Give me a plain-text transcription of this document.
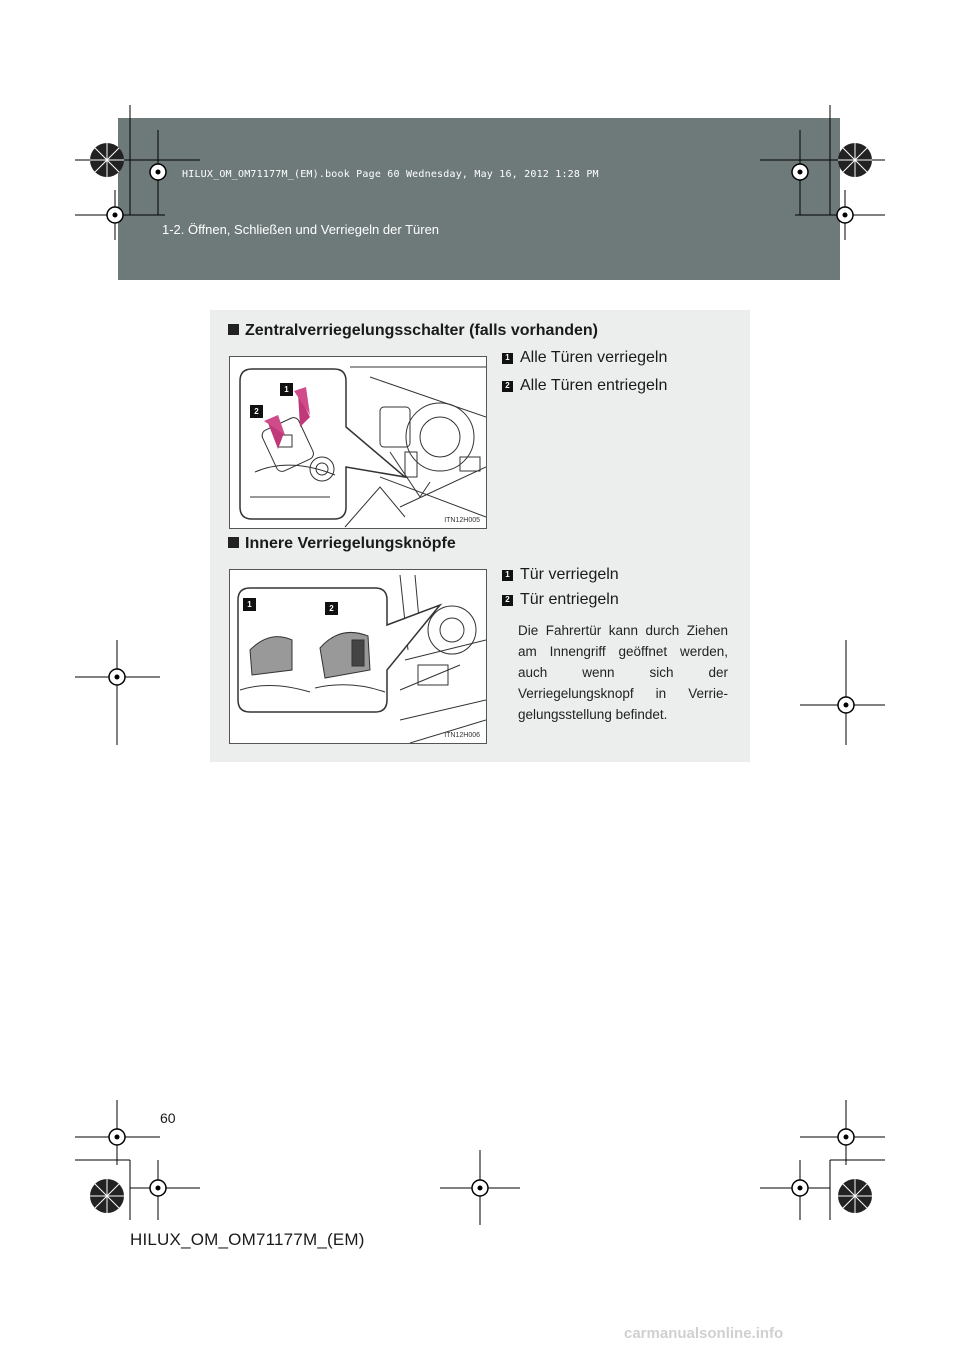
HILUX_OM_OM71177M_(EM).book Page 60 Wednesday, May 16, 2012 1:28 PM
1-2. Öffnen, Schließen und Verriegeln der Türen
Zentralverriegelungsschalter (falls vorhanden)
1 Alle Türen verriegeln
2 Alle Türen entriegeln
1
2
ITN12H005
Innere Verriegelungsknöpfe
1 Tür verriegeln
2 Tür entriegeln
Die Fahrertür kann durch Ziehen am Innengriff geöffnet werden, auch wenn sich der Verriegelungsknopf in Verriegelungsstellung befindet.
1	2
ITN12H006
60
HILUX_OM_OM71177M_(EM)
carmanualsonline.info
